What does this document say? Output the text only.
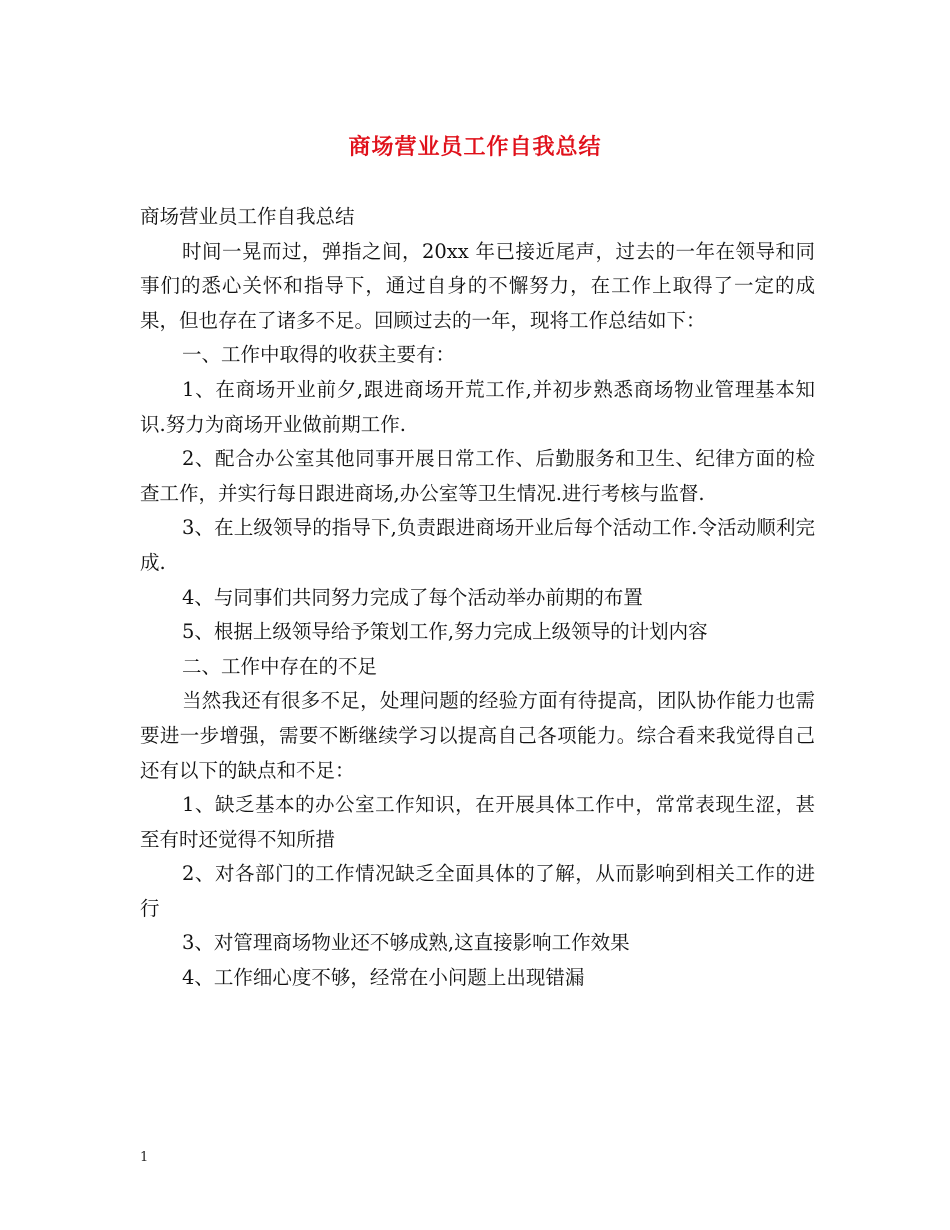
商场营业员工作自我总结

商场营业员工作自我总结

时间一晃而过，弹指之间，20xx 年已接近尾声，过去的一年在领导和同事们的悉心关怀和指导下，通过自身的不懈努力，在工作上取得了一定的成果，但也存在了诸多不足。回顾过去的一年，现将工作总结如下：

一、工作中取得的收获主要有：

1、在商场开业前夕,跟进商场开荒工作,并初步熟悉商场物业管理基本知识.努力为商场开业做前期工作.

2、配合办公室其他同事开展日常工作、后勤服务和卫生、纪律方面的检查工作，并实行每日跟进商场,办公室等卫生情况.进行考核与监督.

3、在上级领导的指导下,负责跟进商场开业后每个活动工作.令活动顺利完成.

4、与同事们共同努力完成了每个活动举办前期的布置

5、根据上级领导给予策划工作,努力完成上级领导的计划内容

二、工作中存在的不足

当然我还有很多不足，处理问题的经验方面有待提高，团队协作能力也需要进一步增强，需要不断继续学习以提高自己各项能力。综合看来我觉得自己还有以下的缺点和不足：

1、缺乏基本的办公室工作知识，在开展具体工作中，常常表现生涩，甚至有时还觉得不知所措

2、对各部门的工作情况缺乏全面具体的了解，从而影响到相关工作的进行

3、对管理商场物业还不够成熟,这直接影响工作效果

4、工作细心度不够，经常在小问题上出现错漏

1
